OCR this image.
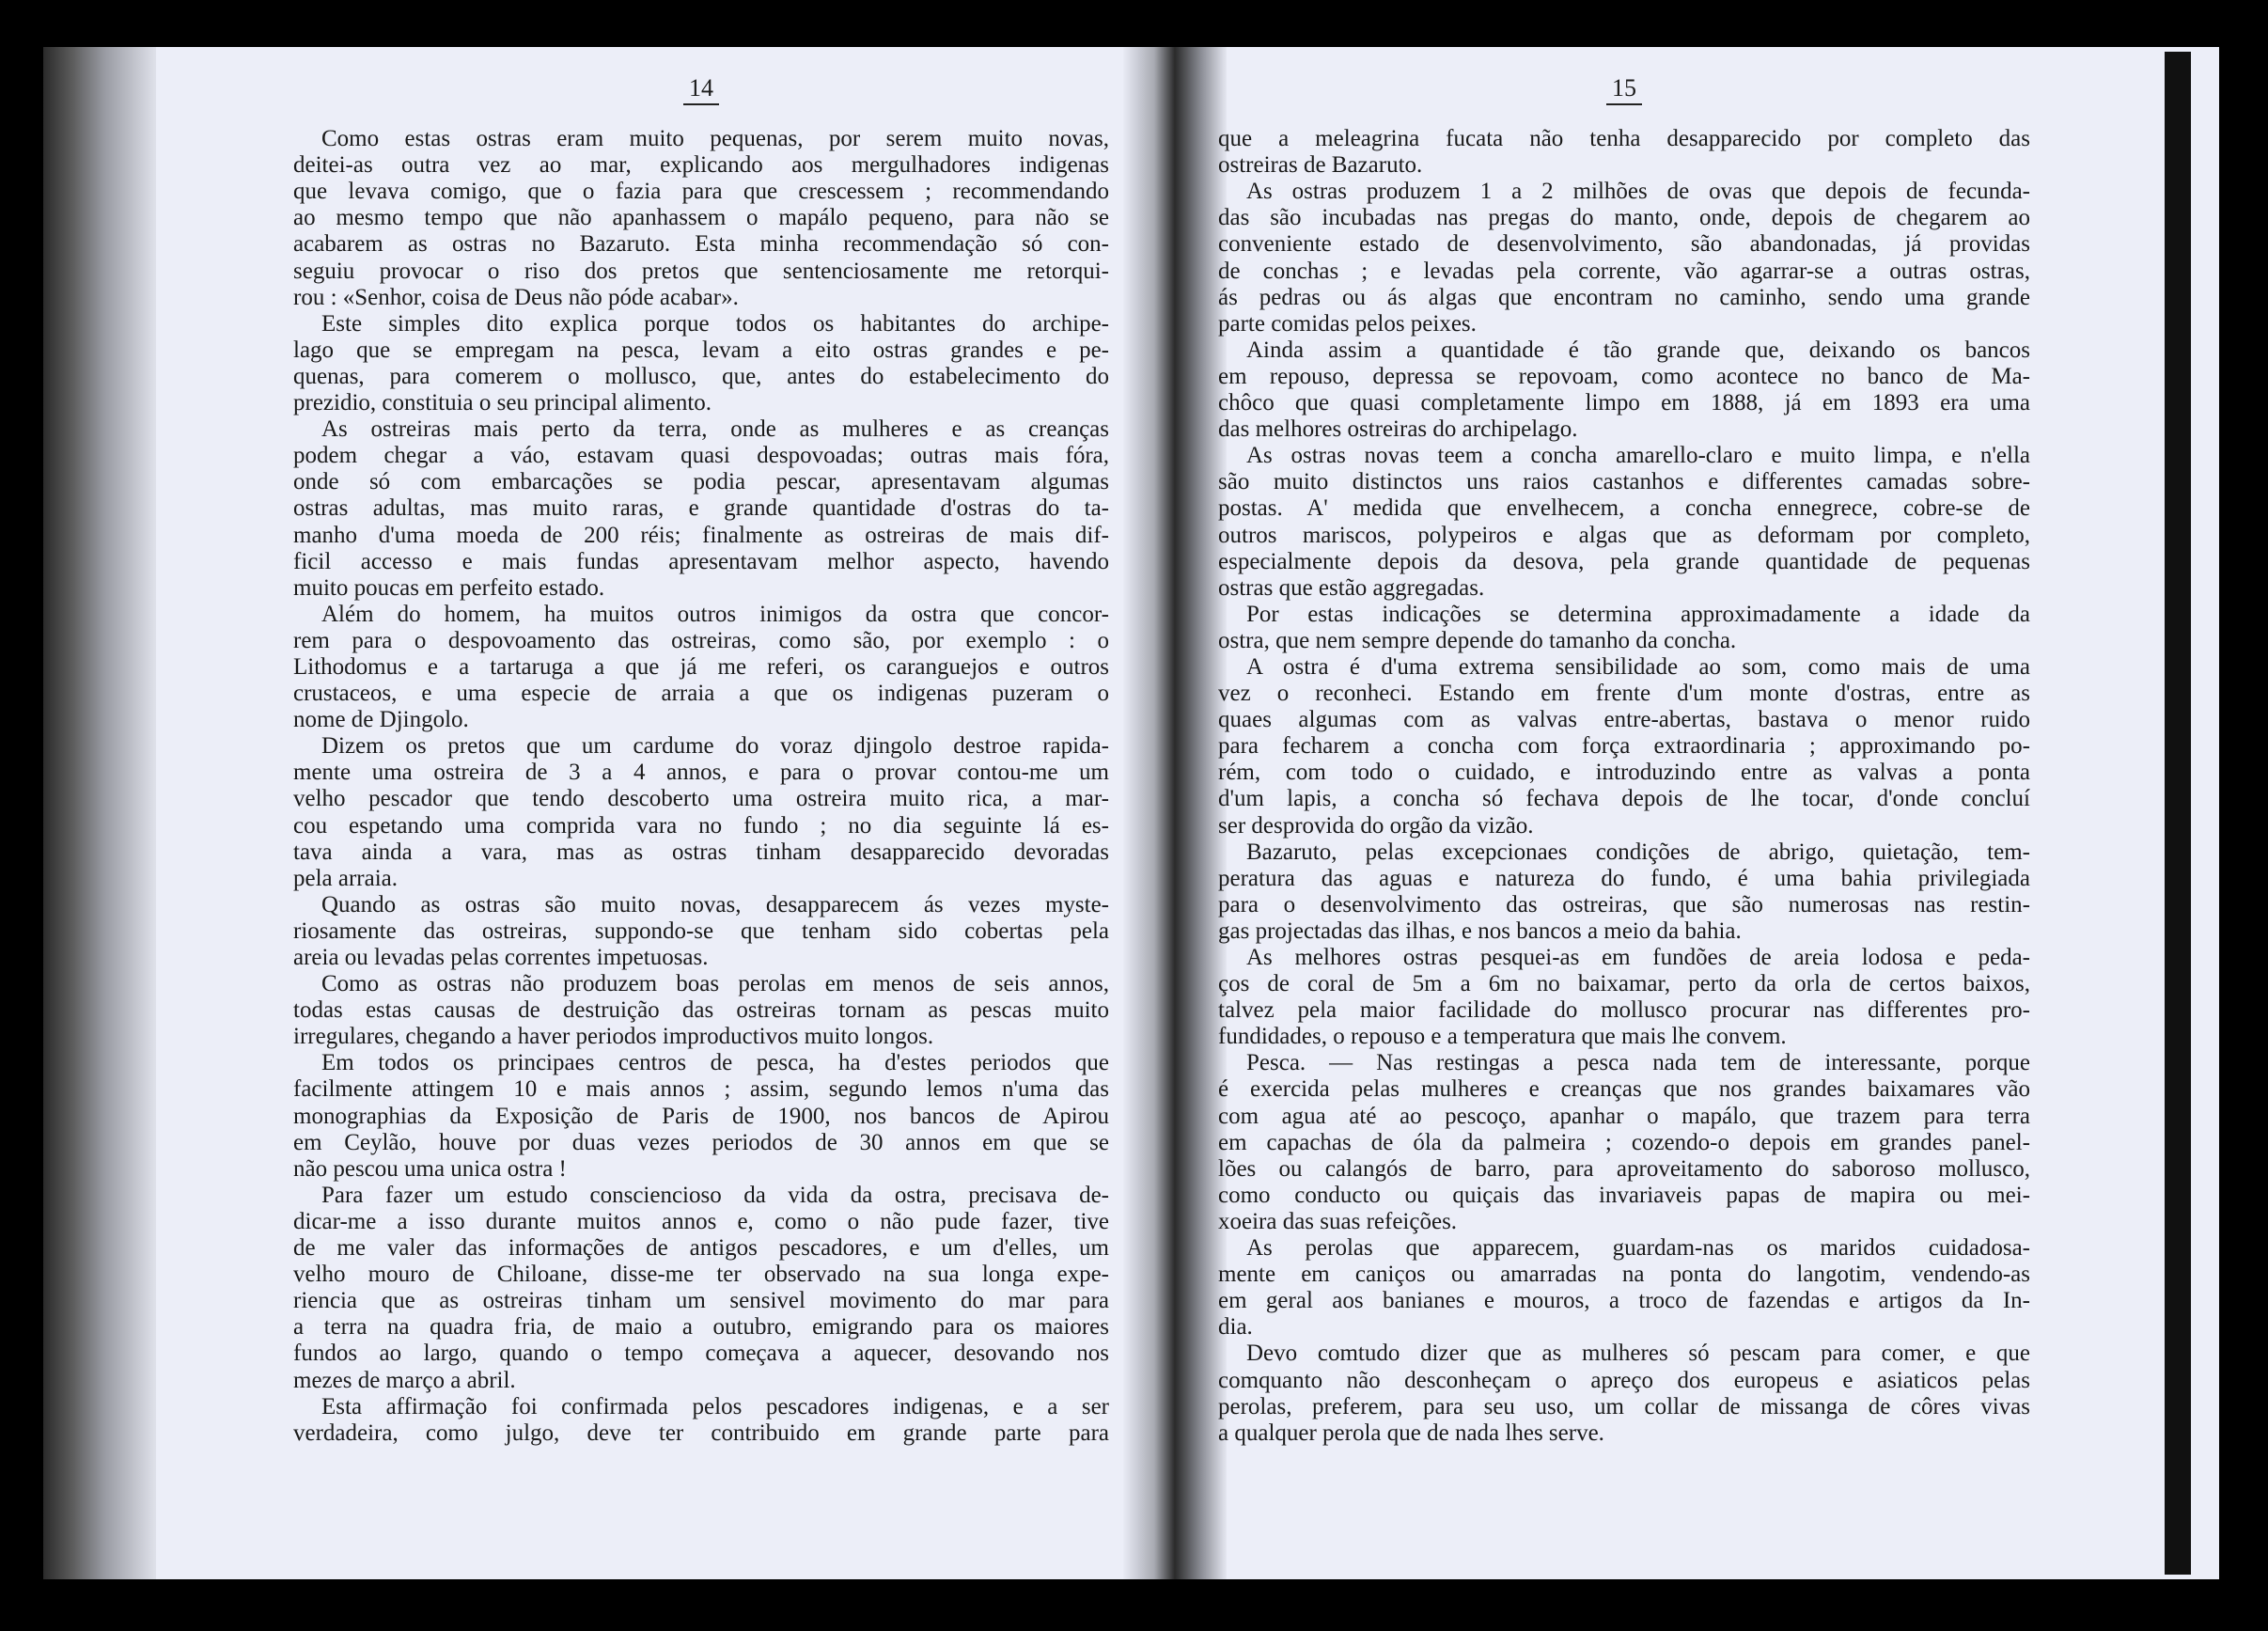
14
Como estas ostras eram muito pequenas, por serem muito novas,
deitei-as outra vez ao mar, explicando aos mergulhadores indigenas
que levava comigo, que o fazia para que crescessem ; recommendando
ao mesmo tempo que não apanhassem o mapálo pequeno, para não se
acabarem as ostras no Bazaruto. Esta minha recommendação só con-
seguiu provocar o riso dos pretos que sentenciosamente me retorqui-
rou : «Senhor, coisa de Deus não póde acabar».
Este simples dito explica porque todos os habitantes do archipe-
lago que se empregam na pesca, levam a eito ostras grandes e pe-
quenas, para comerem o mollusco, que, antes do estabelecimento do
prezidio, constituia o seu principal alimento.
As ostreiras mais perto da terra, onde as mulheres e as creanças
podem chegar a váo, estavam quasi despovoadas; outras mais fóra,
onde só com embarcações se podia pescar, apresentavam algumas
ostras adultas, mas muito raras, e grande quantidade d'ostras do ta-
manho d'uma moeda de 200 réis; finalmente as ostreiras de mais dif-
ficil accesso e mais fundas apresentavam melhor aspecto, havendo
muito poucas em perfeito estado.
Além do homem, ha muitos outros inimigos da ostra que concor-
rem para o despovoamento das ostreiras, como são, por exemplo : o
Lithodomus e a tartaruga a que já me referi, os caranguejos e outros
crustaceos, e uma especie de arraia a que os indigenas puzeram o
nome de Djingolo.
Dizem os pretos que um cardume do voraz djingolo destroe rapida-
mente uma ostreira de 3 a 4 annos, e para o provar contou-me um
velho pescador que tendo descoberto uma ostreira muito rica, a mar-
cou espetando uma comprida vara no fundo ; no dia seguinte lá es-
tava ainda a vara, mas as ostras tinham desapparecido devoradas
pela arraia.
Quando as ostras são muito novas, desapparecem ás vezes myste-
riosamente das ostreiras, suppondo-se que tenham sido cobertas pela
areia ou levadas pelas correntes impetuosas.
Como as ostras não produzem boas perolas em menos de seis annos,
todas estas causas de destruição das ostreiras tornam as pescas muito
irregulares, chegando a haver periodos improductivos muito longos.
Em todos os principaes centros de pesca, ha d'estes periodos que
facilmente attingem 10 e mais annos ; assim, segundo lemos n'uma das
monographias da Exposição de Paris de 1900, nos bancos de Apirou
em Ceylão, houve por duas vezes periodos de 30 annos em que se
não pescou uma unica ostra !
Para fazer um estudo consciencioso da vida da ostra, precisava de-
dicar-me a isso durante muitos annos e, como o não pude fazer, tive
de me valer das informações de antigos pescadores, e um d'elles, um
velho mouro de Chiloane, disse-me ter observado na sua longa expe-
riencia que as ostreiras tinham um sensivel movimento do mar para
a terra na quadra fria, de maio a outubro, emigrando para os maiores
fundos ao largo, quando o tempo começava a aquecer, desovando nos
mezes de março a abril.
Esta affirmação foi confirmada pelos pescadores indigenas, e a ser
verdadeira, como julgo, deve ter contribuido em grande parte para
15
que a meleagrina fucata não tenha desapparecido por completo das
ostreiras de Bazaruto.
As ostras produzem 1 a 2 milhões de ovas que depois de fecunda-
das são incubadas nas pregas do manto, onde, depois de chegarem ao
conveniente estado de desenvolvimento, são abandonadas, já providas
de conchas ; e levadas pela corrente, vão agarrar-se a outras ostras,
ás pedras ou ás algas que encontram no caminho, sendo uma grande
parte comidas pelos peixes.
Ainda assim a quantidade é tão grande que, deixando os bancos
em repouso, depressa se repovoam, como acontece no banco de Ma-
chôco que quasi completamente limpo em 1888, já em 1893 era uma
das melhores ostreiras do archipelago.
As ostras novas teem a concha amarello-claro e muito limpa, e n'ella
são muito distinctos uns raios castanhos e differentes camadas sobre-
postas. A' medida que envelhecem, a concha ennegrece, cobre-se de
outros mariscos, polypeiros e algas que as deformam por completo,
especialmente depois da desova, pela grande quantidade de pequenas
ostras que estão aggregadas.
Por estas indicações se determina approximadamente a idade da
ostra, que nem sempre depende do tamanho da concha.
A ostra é d'uma extrema sensibilidade ao som, como mais de uma
vez o reconheci. Estando em frente d'um monte d'ostras, entre as
quaes algumas com as valvas entre-abertas, bastava o menor ruido
para fecharem a concha com força extraordinaria ; approximando po-
rém, com todo o cuidado, e introduzindo entre as valvas a ponta
d'um lapis, a concha só fechava depois de lhe tocar, d'onde concluí
ser desprovida do orgão da vizão.
Bazaruto, pelas excepcionaes condições de abrigo, quietação, tem-
peratura das aguas e natureza do fundo, é uma bahia privilegiada
para o desenvolvimento das ostreiras, que são numerosas nas restin-
gas projectadas das ilhas, e nos bancos a meio da bahia.
As melhores ostras pesquei-as em fundões de areia lodosa e peda-
ços de coral de 5m a 6m no baixamar, perto da orla de certos baixos,
talvez pela maior facilidade do mollusco procurar nas differentes pro-
fundidades, o repouso e a temperatura que mais lhe convem.
Pesca. — Nas restingas a pesca nada tem de interessante, porque
é exercida pelas mulheres e creanças que nos grandes baixamares vão
com agua até ao pescoço, apanhar o mapálo, que trazem para terra
em capachas de óla da palmeira ; cozendo-o depois em grandes panel-
lões ou calangós de barro, para aproveitamento do saboroso mollusco,
como conducto ou quiçais das invariaveis papas de mapira ou mei-
xoeira das suas refeições.
As perolas que apparecem, guardam-nas os maridos cuidadosa-
mente em caniços ou amarradas na ponta do langotim, vendendo-as
em geral aos banianes e mouros, a troco de fazendas e artigos da In-
dia.
Devo comtudo dizer que as mulheres só pescam para comer, e que
comquanto não desconheçam o apreço dos europeus e asiaticos pelas
perolas, preferem, para seu uso, um collar de missanga de côres vivas
a qualquer perola que de nada lhes serve.
